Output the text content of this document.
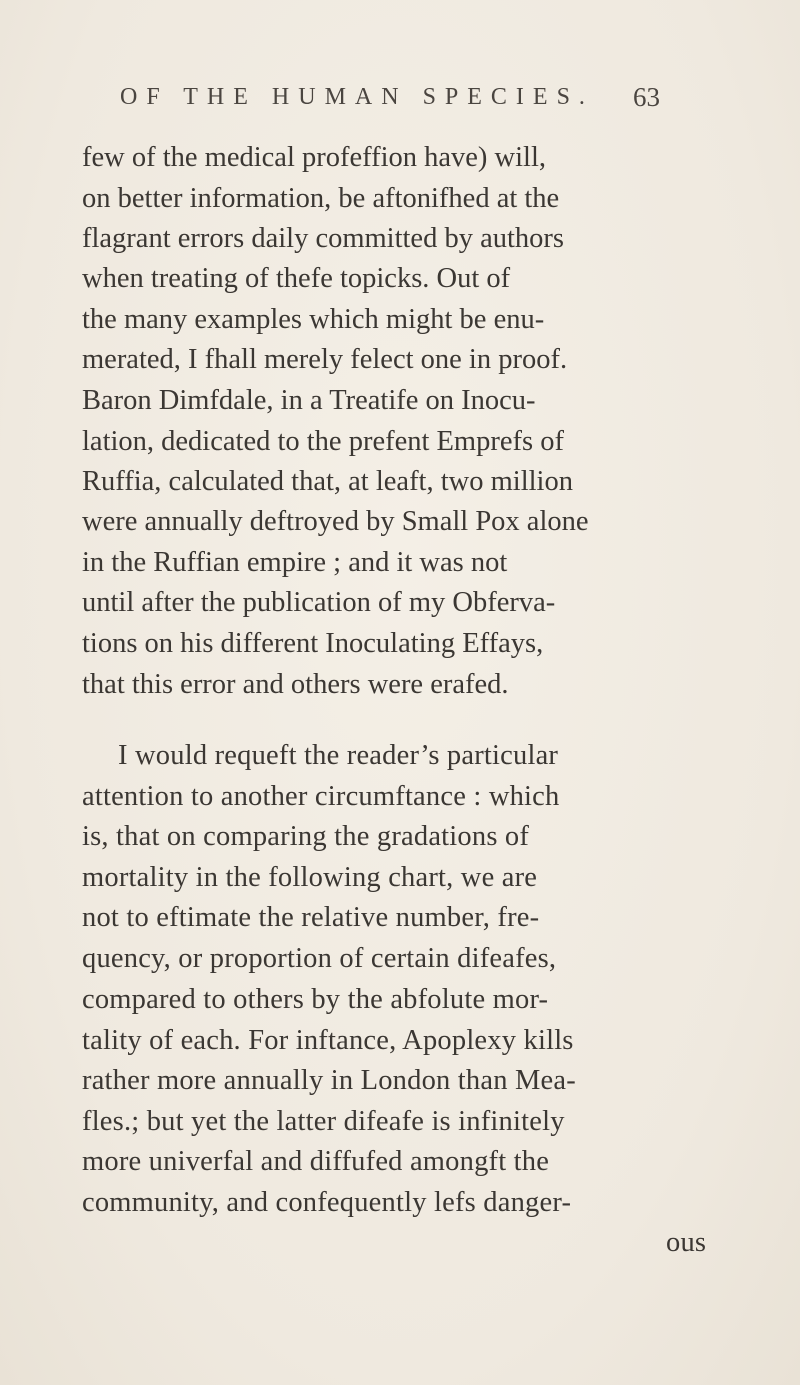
OF THE HUMAN SPECIES. 63
few of the medical profeffion have) will,
on better information, be aftonifhed at the
flagrant errors daily committed by authors
when treating of thefe topicks. Out of
the many examples which might be enu-
merated, I fhall merely felect one in proof.
Baron Dimfdale, in a Treatife on Inocu-
lation, dedicated to the prefent Emprefs of
Ruffia, calculated that, at leaft, two million
were annually deftroyed by Small Pox alone
in the Ruffian empire ; and it was not
until after the publication of my Obferva-
tions on his different Inoculating Effays,
that this error and others were erafed.
I would requeft the reader’s particular
attention to another circumftance : which
is, that on comparing the gradations of
mortality in the following chart, we are
not to eftimate the relative number, fre-
quency, or proportion of certain difeafes,
compared to others by the abfolute mor-
tality of each. For inftance, Apoplexy kills
rather more annually in London than Mea-
fles.; but yet the latter difeafe is infinitely
more univerfal and diffufed amongft the
community, and confequently lefs danger-
ous
